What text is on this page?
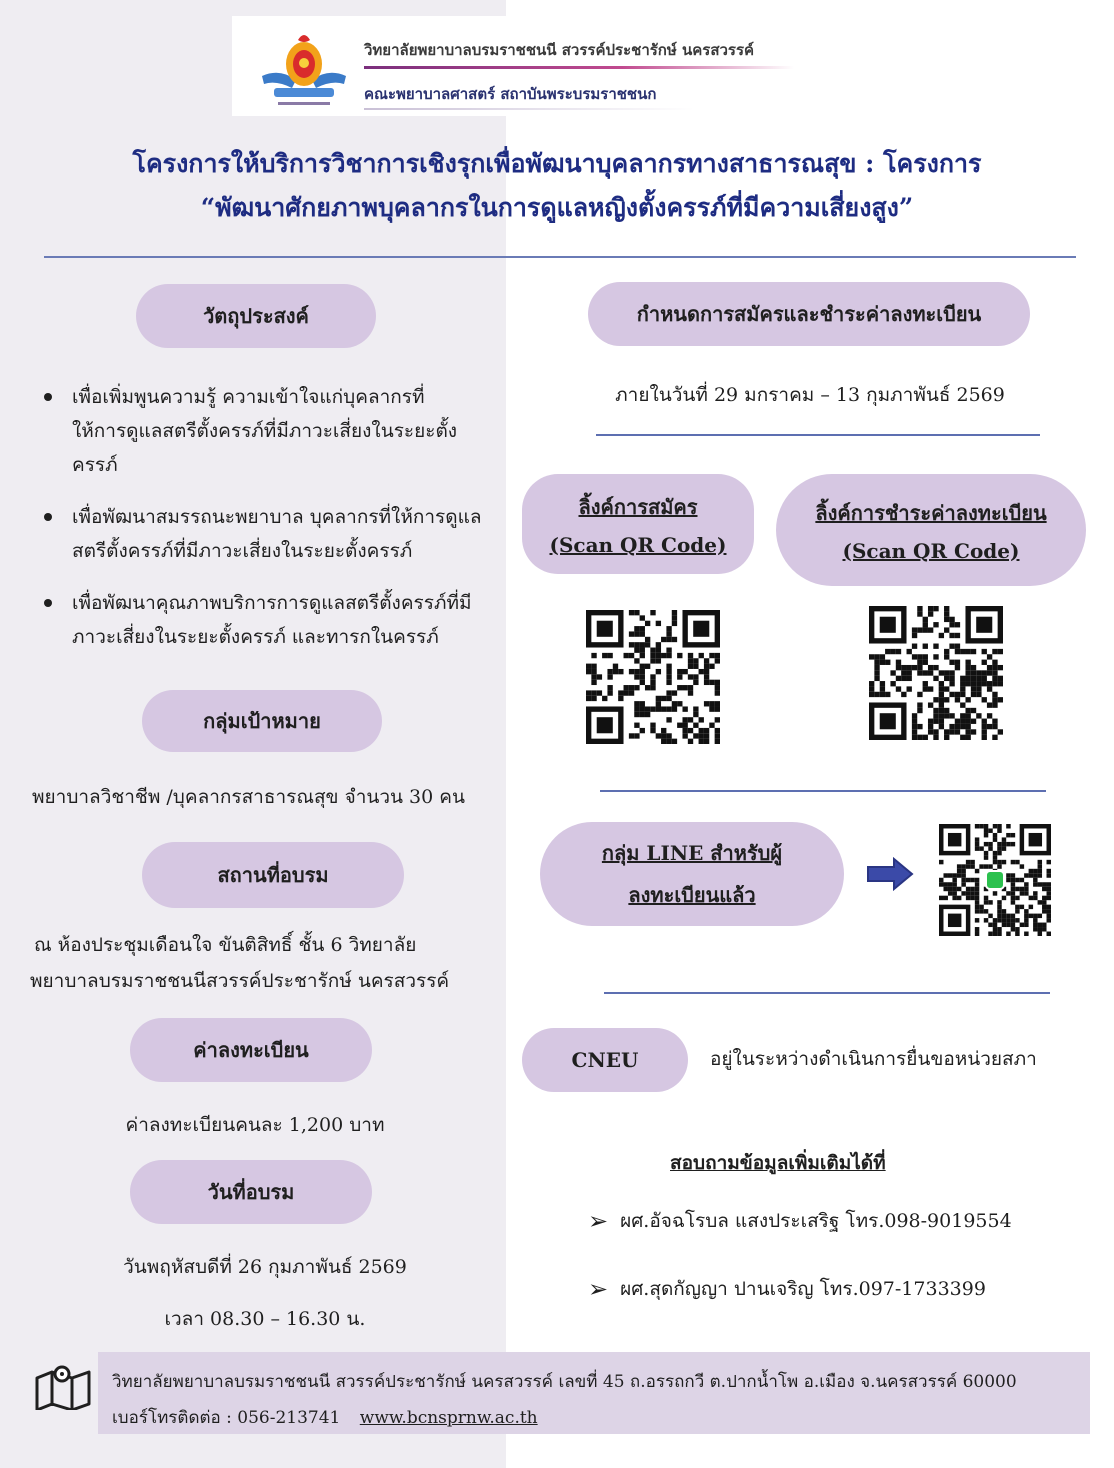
วิทยาลัยพยาบาลบรมราชชนนี สวรรค์ประชารักษ์ นครสวรรค์
คณะพยาบาลศาสตร์ สถาบันพระบรมราชชนก
โครงการให้บริการวิชาการเชิงรุกเพื่อพัฒนาบุคลากรทางสาธารณสุข : โครงการ
“พัฒนาศักยภาพบุคลากรในการดูแลหญิงตั้งครรภ์ที่มีความเสี่ยงสูง”
วัตถุประสงค์
เพื่อเพิ่มพูนความรู้ ความเข้าใจแก่บุคลากรที่ให้การดูแลสตรีตั้งครรภ์ที่มีภาวะเสี่ยงในระยะตั้งครรภ์
เพื่อพัฒนาสมรรถนะพยาบาล บุคลากรที่ให้การดูแลสตรีตั้งครรภ์ที่มีภาวะเสี่ยงในระยะตั้งครรภ์
เพื่อพัฒนาคุณภาพบริการการดูแลสตรีตั้งครรภ์ที่มีภาวะเสี่ยงในระยะตั้งครรภ์ และทารกในครรภ์
กลุ่มเป้าหมาย
พยาบาลวิชาชีพ /บุคลากรสาธารณสุข จำนวน 30 คน
สถานที่อบรม
ณ ห้องประชุมเดือนใจ ขันติสิทธิ์ ชั้น 6 วิทยาลัย
พยาบาลบรมราชชนนีสวรรค์ประชารักษ์ นครสวรรค์
ค่าลงทะเบียน
ค่าลงทะเบียนคนละ 1,200 บาท
วันที่อบรม
วันพฤหัสบดีที่ 26 กุมภาพันธ์ 2569
เวลา 08.30 – 16.30 น.
กำหนดการสมัครและชำระค่าลงทะเบียน
ภายในวันที่ 29 มกราคม – 13 กุมภาพันธ์ 2569
ลิ้งค์การสมัคร
(Scan QR Code)
ลิ้งค์การชำระค่าลงทะเบียน
(Scan QR Code)
กลุ่ม LINE สำหรับผู้
ลงทะเบียนแล้ว
CNEU	อยู่ในระหว่างดำเนินการยื่นขอหน่วยสภา
สอบถามข้อมูลเพิ่มเติมได้ที่
➢ ผศ.อัจฉโรบล แสงประเสริฐ โทร.098-9019554
➢ ผศ.สุดกัญญา ปานเจริญ โทร.097-1733399
วิทยาลัยพยาบาลบรมราชชนนี สวรรค์ประชารักษ์ นครสวรรค์ เลขที่ 45 ถ.อรรถกวี ต.ปากน้ำโพ อ.เมือง จ.นครสวรรค์ 60000
เบอร์โทรติดต่อ : 056-213741 www.bcnsprnw.ac.th
